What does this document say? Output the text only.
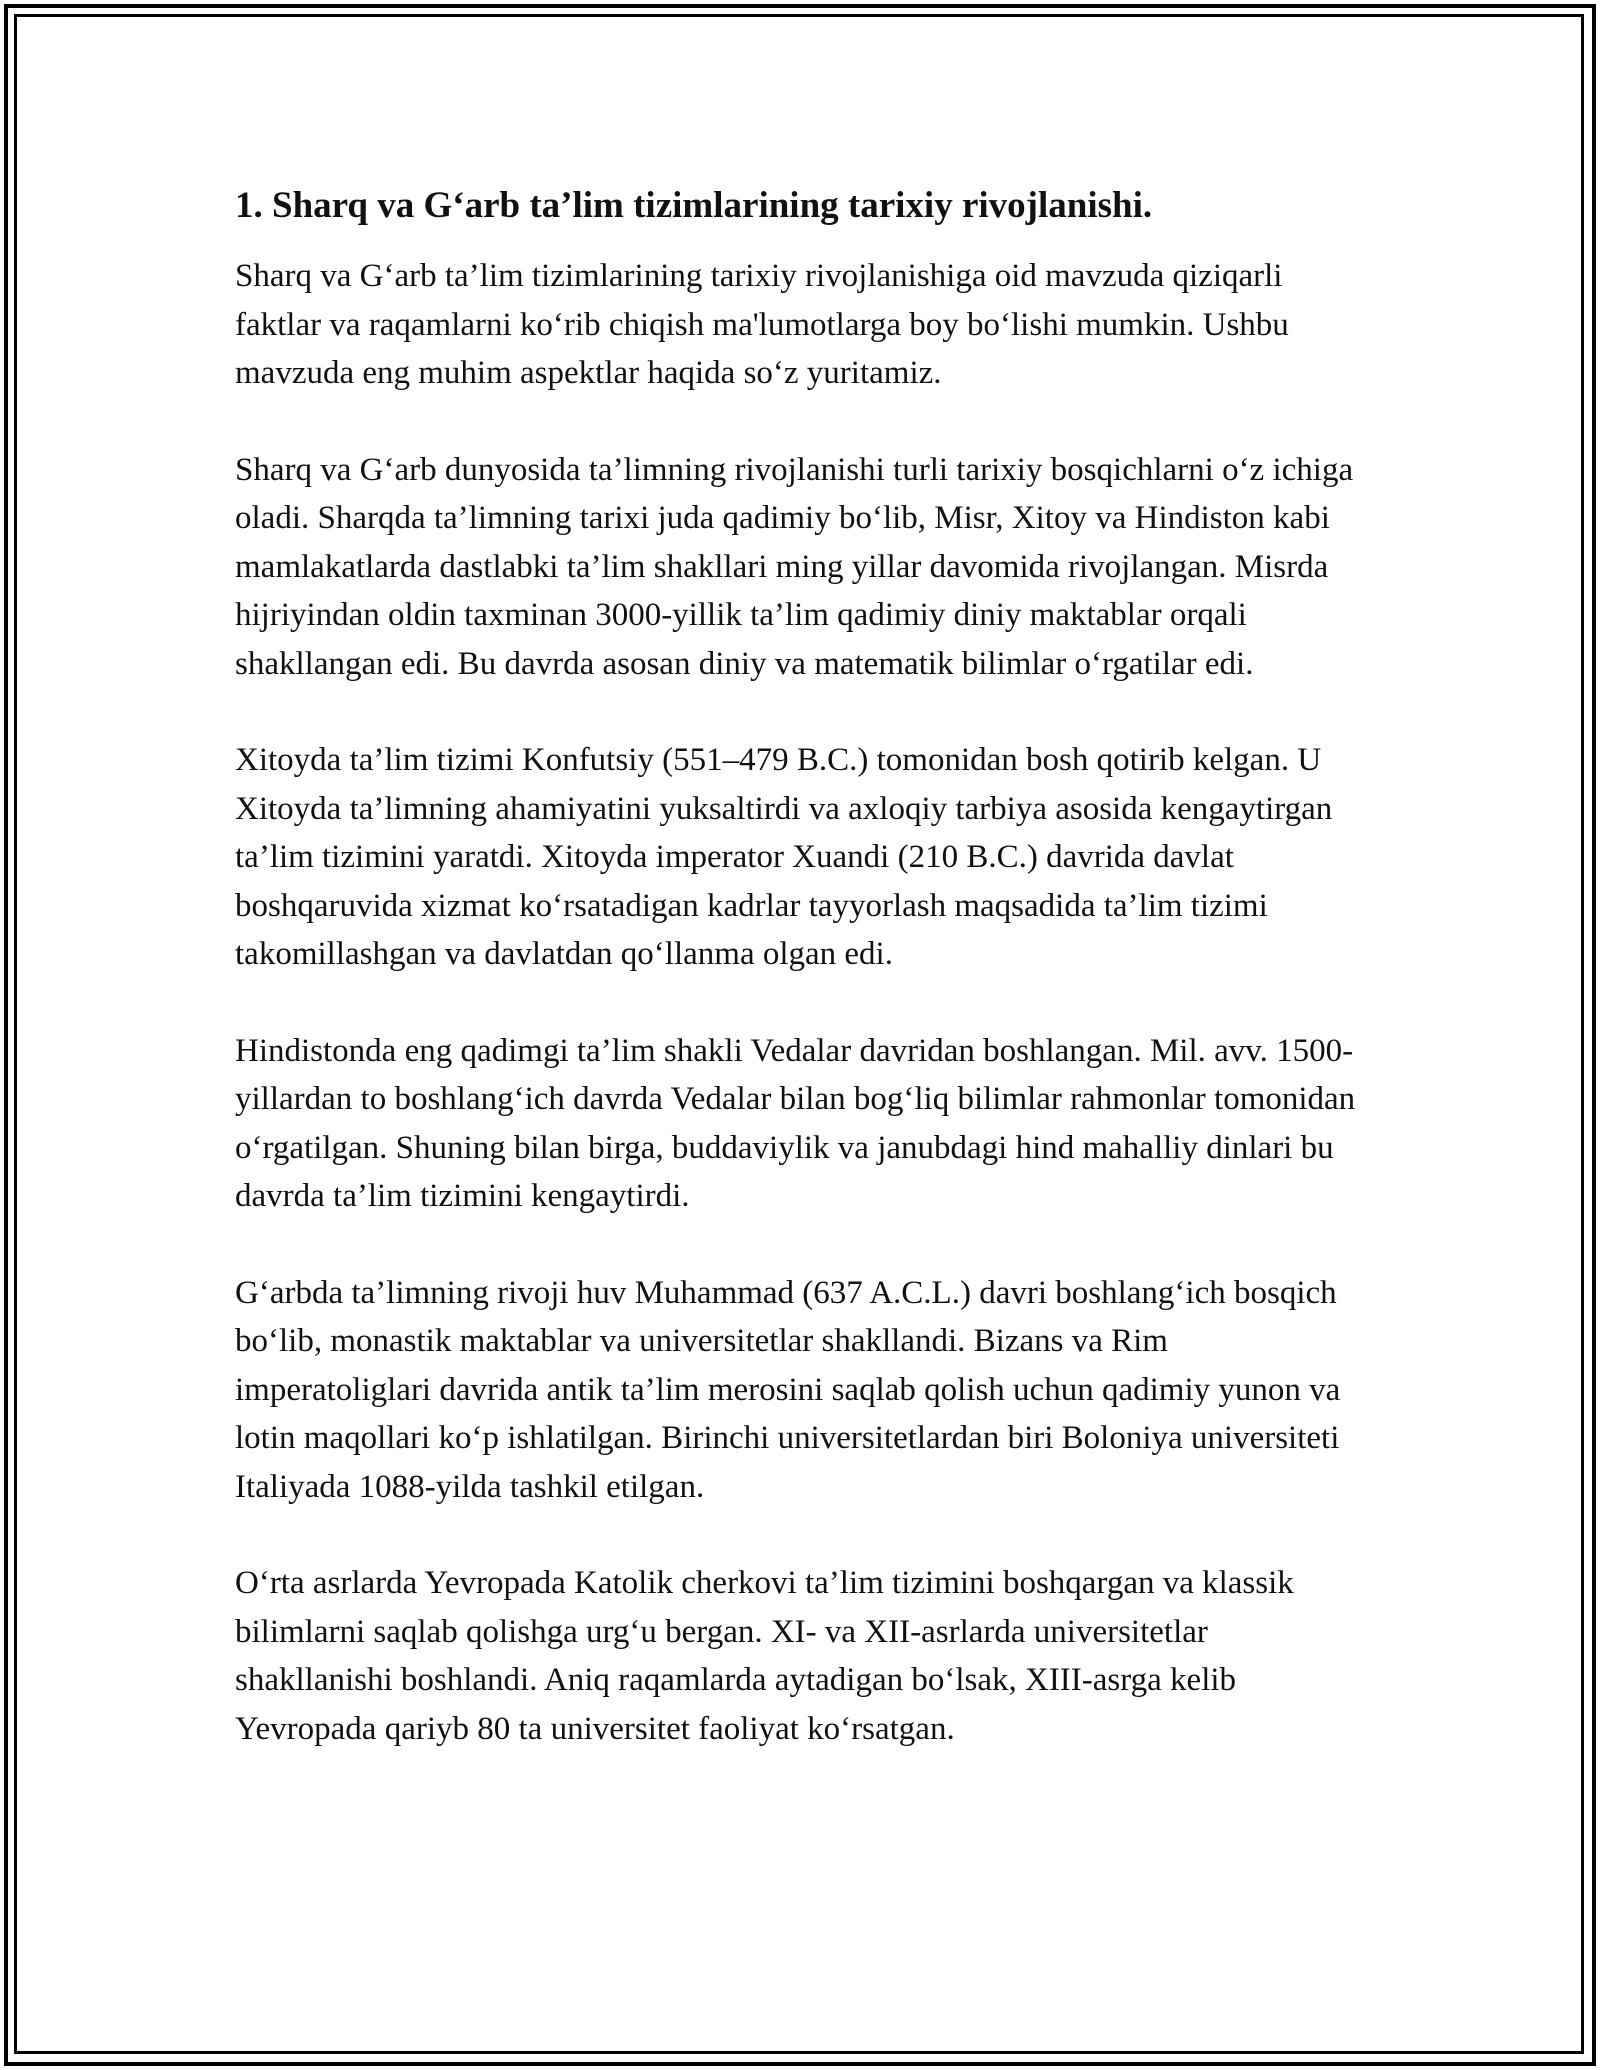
1. Sharq va G‘arb ta’lim tizimlarining tarixiy rivojlanishi.

Sharq va G‘arb ta’lim tizimlarining tarixiy rivojlanishiga oid mavzuda qiziqarli faktlar va raqamlarni ko‘rib chiqish ma'lumotlarga boy bo‘lishi mumkin. Ushbu mavzuda eng muhim aspektlar haqida so‘z yuritamiz.

Sharq va G‘arb dunyosida ta’limning rivojlanishi turli tarixiy bosqichlarni o‘z ichiga oladi. Sharqda ta’limning tarixi juda qadimiy bo‘lib, Misr, Xitoy va Hindiston kabi mamlakatlarda dastlabki ta’lim shakllari ming yillar davomida rivojlangan. Misrda hijriyindan oldin taxminan 3000-yillik ta’lim qadimiy diniy maktablar orqali shakllangan edi. Bu davrda asosan diniy va matematik bilimlar o‘rgatilar edi.

Xitoyda ta’lim tizimi Konfutsiy (551–479 B.C.) tomonidan bosh qotirib kelgan. U Xitoyda ta’limning ahamiyatini yuksaltirdi va axloqiy tarbiya asosida kengaytirgan ta’lim tizimini yaratdi. Xitoyda imperator Xuandi (210 B.C.) davrida davlat boshqaruvida xizmat ko‘rsatadigan kadrlar tayyorlash maqsadida ta’lim tizimi takomillashgan va davlatdan qo‘llanma olgan edi.

Hindistonda eng qadimgi ta’lim shakli Vedalar davridan boshlangan. Mil. avv. 1500-yillardan to boshlang‘ich davrda Vedalar bilan bog‘liq bilimlar rahmonlar tomonidan o‘rgatilgan. Shuning bilan birga, buddaviylik va janubdagi hind mahalliy dinlari bu davrda ta’lim tizimini kengaytirdi.

G‘arbda ta’limning rivoji huv Muhammad (637 A.C.L.) davri boshlang‘ich bosqich bo‘lib, monastik maktablar va universitetlar shakllandi. Bizans va Rim imperatoliglari davrida antik ta’lim merosini saqlab qolish uchun qadimiy yunon va lotin maqollari ko‘p ishlatilgan. Birinchi universitetlardan biri Boloniya universiteti Italiyada 1088-yilda tashkil etilgan.

O‘rta asrlarda Yevropada Katolik cherkovi ta’lim tizimini boshqargan va klassik bilimlarni saqlab qolishga urg‘u bergan. XI- va XII-asrlarda universitetlar shakllanishi boshlandi. Aniq raqamlarda aytadigan bo‘lsak, XIII-asrga kelib Yevropada qariyb 80 ta universitet faoliyat ko‘rsatgan.
